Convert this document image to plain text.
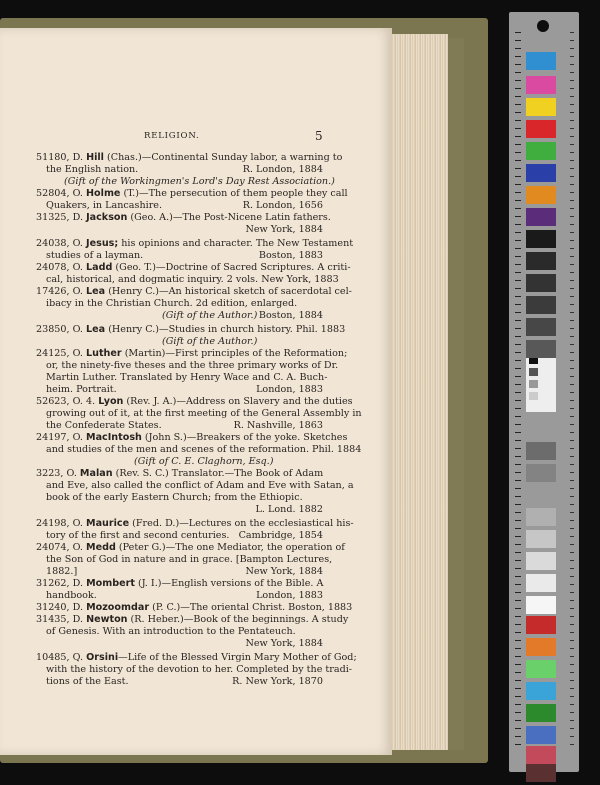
RELIGION.	5
51180, D. Hill (Chas.)—Continental Sunday labor, a warning to
the English nation.	R. London, 1884
(Gift of the Workingmen's Lord's Day Rest Association.)
52804, O. Holme (T.)—The persecution of them people they call
Quakers, in Lancashire.	R. London, 1656
31325, D. Jackson (Geo. A.)—The Post-Nicene Latin fathers.
New York, 1884
24038, O. Jesus; his opinions and character. The New Testament
studies of a layman.	Boston, 1883
24078, O. Ladd (Geo. T.)—Doctrine of Sacred Scriptures. A criti-
cal, historical, and dogmatic inquiry. 2 vols. New York, 1883
17426, O. Lea (Henry C.)—An historical sketch of sacerdotal cel-
ibacy in the Christian Church. 2d edition, enlarged.
(Gift of the Author.) Boston, 1884
23850, O. Lea (Henry C.)—Studies in church history. Phil. 1883
(Gift of the Author.)
24125, O. Luther (Martin)—First principles of the Reformation;
or, the ninety-five theses and the three primary works of Dr.
Martin Luther. Translated by Henry Wace and C. A. Buch-
heim. Portrait.	London, 1883
52623, O. 4. Lyon (Rev. J. A.)—Address on Slavery and the duties
growing out of it, at the first meeting of the General Assembly in
the Confederate States.	R. Nashville, 1863
24197, O. MacIntosh (John S.)—Breakers of the yoke. Sketches
and studies of the men and scenes of the reformation. Phil. 1884
(Gift of C. E. Claghorn, Esq.)
3223, O. Malan (Rev. S. C.) Translator.—The Book of Adam
and Eve, also called the conflict of Adam and Eve with Satan, a
book of the early Eastern Church; from the Ethiopic.
L. Lond. 1882
24198, O. Maurice (Fred. D.)—Lectures on the ecclesiastical his-
tory of the first and second centuries. Cambridge, 1854
24074, O. Medd (Peter G.)—The one Mediator, the operation of
the Son of God in nature and in grace. [Bampton Lectures,
1882.]	New York, 1884
31262, D. Mombert (J. I.)—English versions of the Bible. A
handbook.	London, 1883
31240, D. Mozoomdar (P. C.)—The oriental Christ. Boston, 1883
31435, D. Newton (R. Heber.)—Book of the beginnings. A study
of Genesis. With an introduction to the Pentateuch.
New York, 1884
10485, Q. Orsini—Life of the Blessed Virgin Mary Mother of God;
with the history of the devotion to her. Completed by the tradi-
tions of the East.	R. New York, 1870
